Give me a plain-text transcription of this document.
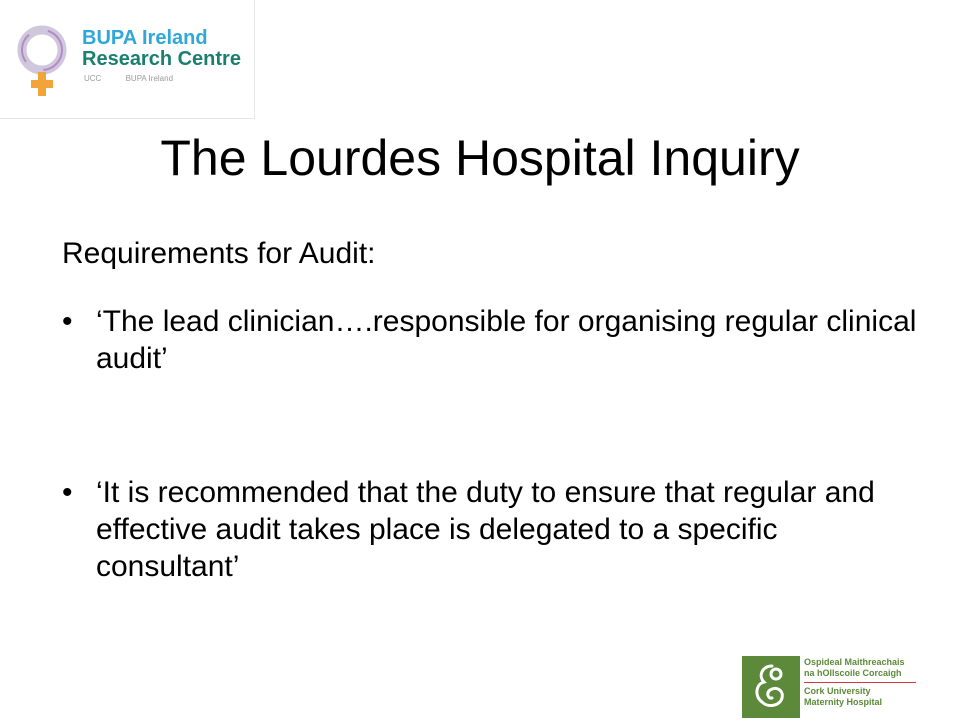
BUPA Ireland
Research Centre
UCC	BUPA Ireland
The Lourdes Hospital Inquiry
Requirements for Audit:
• ‘The lead clinician….responsible for organising regular clinical audit’
• ‘It is recommended that the duty to ensure that regular and effective audit takes place is delegated to a specific consultant’
Ospideal Maithreachais
na hOllscoile Corcaigh
Cork University
Maternity Hospital
